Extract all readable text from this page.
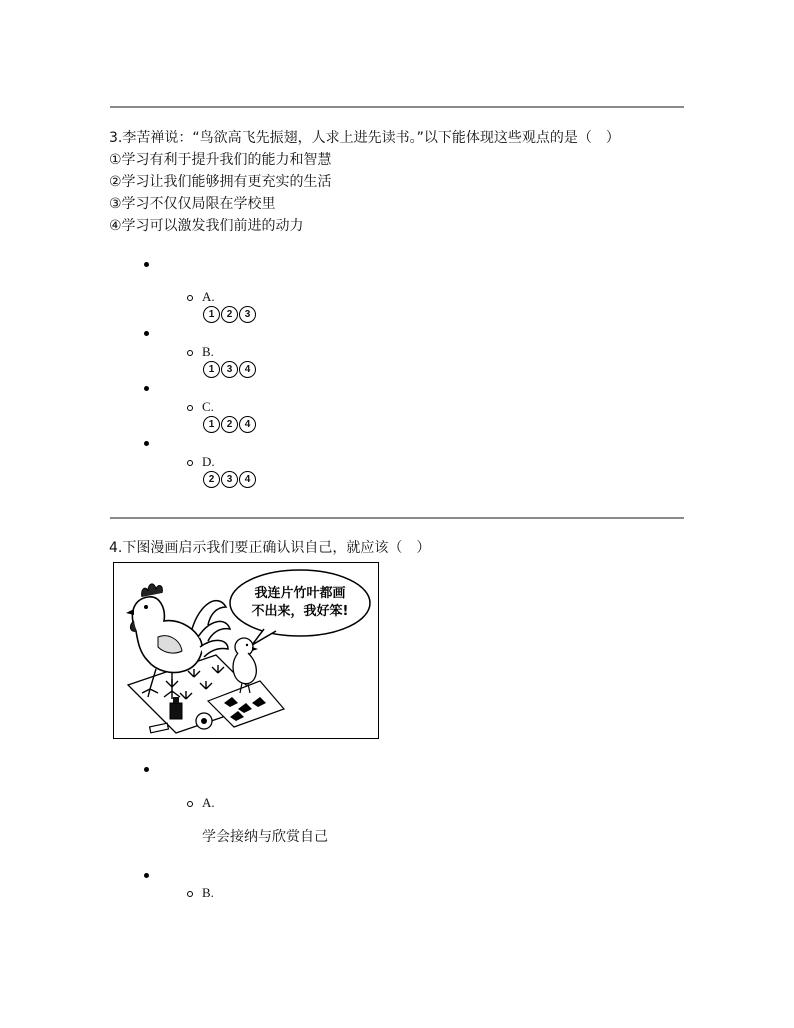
3.李苦禅说：“鸟欲高飞先振翅，人求上进先读书。”以下能体现这些观点的是（　）
①学习有利于提升我们的能力和智慧
②学习让我们能够拥有更充实的生活
③学习不仅仅局限在学校里
④学习可以激发我们前进的动力
A.
1	2	3
B.
1	3	4
C.
1	2	4
D.
2	3	4
4.下图漫画启示我们要正确认识自己，就应该（　）
我连片竹叶都画
不出来，我好笨!
A.
学会接纳与欣赏自己
B.
